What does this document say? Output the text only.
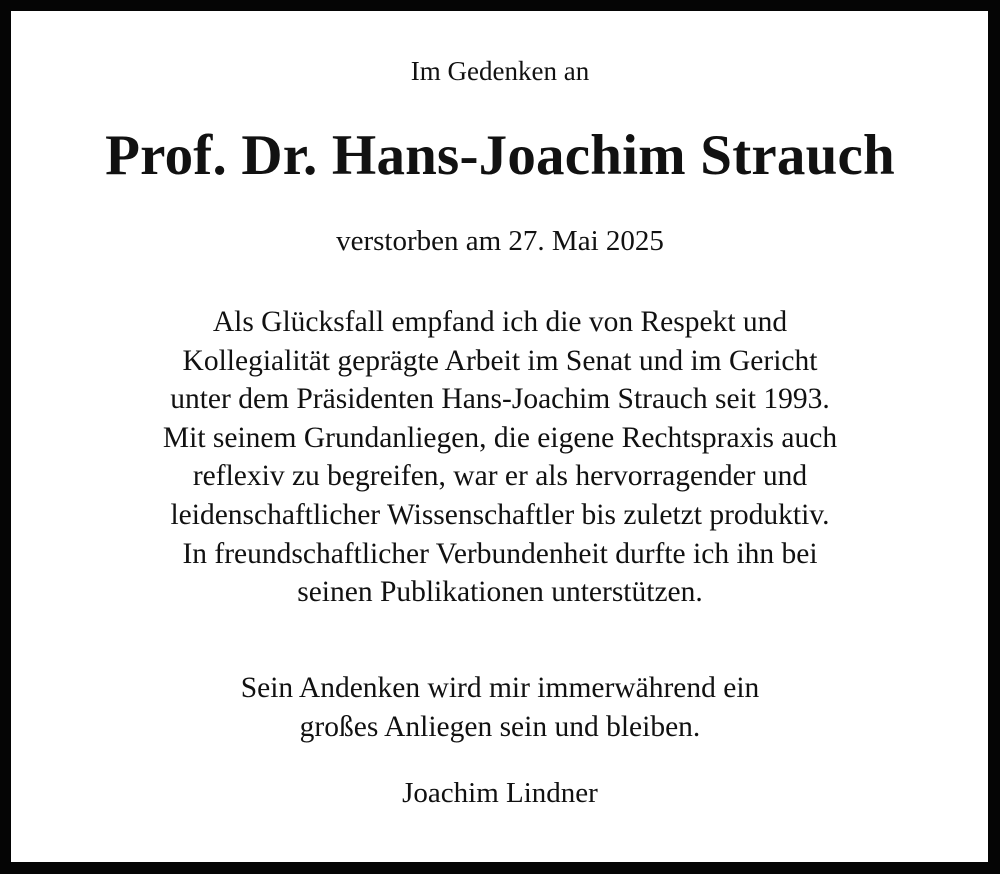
Im Gedenken an
Prof. Dr. Hans-Joachim Strauch
verstorben am 27. Mai 2025
Als Glücksfall empfand ich die von Respekt und
Kollegialität geprägte Arbeit im Senat und im Gericht
unter dem Präsidenten Hans-Joachim Strauch seit 1993.
Mit seinem Grundanliegen, die eigene Rechtspraxis auch
reflexiv zu begreifen, war er als hervorragender und
leidenschaftlicher Wissenschaftler bis zuletzt produktiv.
In freundschaftlicher Verbundenheit durfte ich ihn bei
seinen Publikationen unterstützen.
Sein Andenken wird mir immerwährend ein
großes Anliegen sein und bleiben.
Joachim Lindner
